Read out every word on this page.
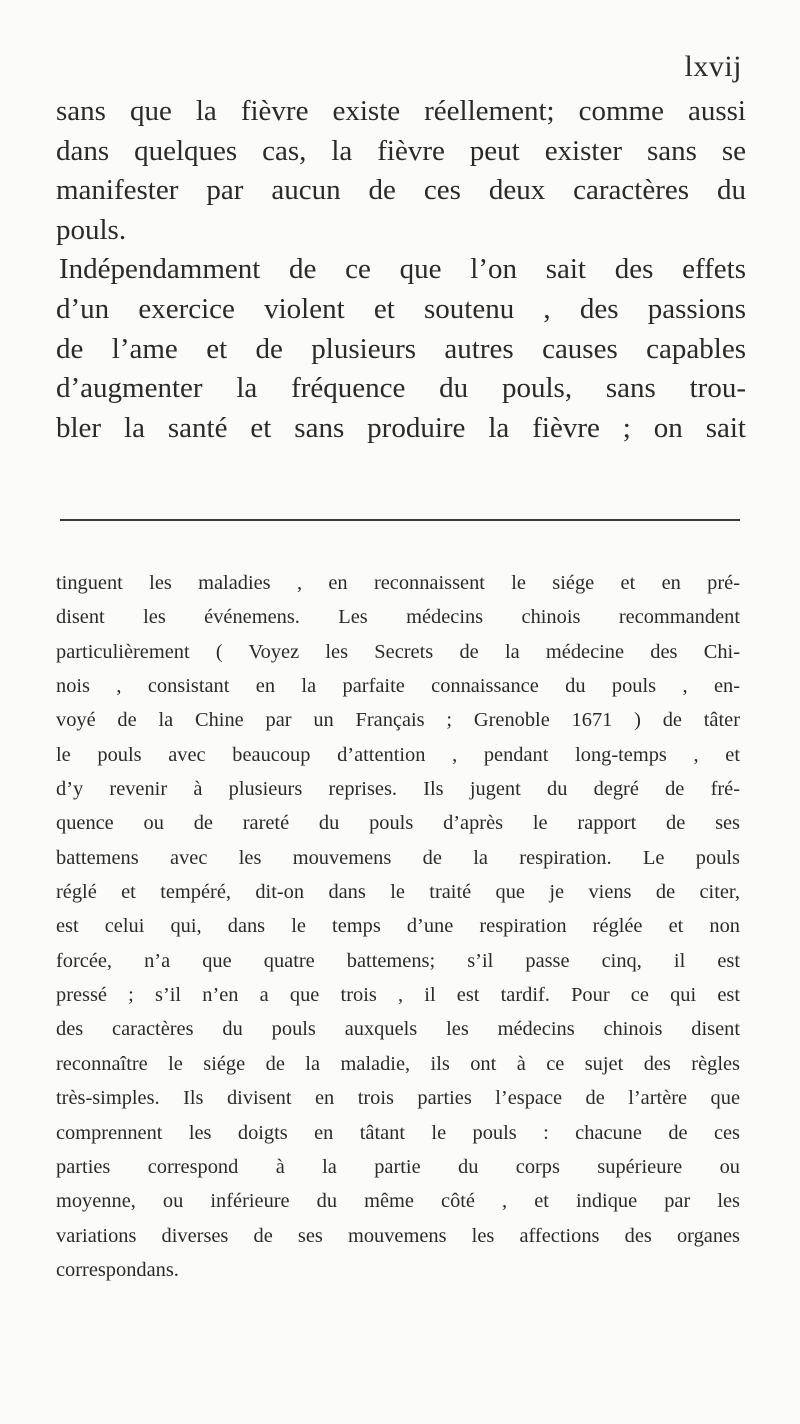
lxvij
sans que la fièvre existe réellement; comme aussi
dans quelques cas, la fièvre peut exister sans se
manifester par aucun de ces deux caractères du
pouls.
Indépendamment de ce que l’on sait des effets
d’un exercice violent et soutenu , des passions
de l’ame et de plusieurs autres causes capables
d’augmenter la fréquence du pouls, sans trou-
bler la santé et sans produire la fièvre ; on sait
tinguent les maladies , en reconnaissent le siége et en pré-
disent les événemens. Les médecins chinois recommandent
particulièrement ( Voyez les Secrets de la médecine des Chi-
nois , consistant en la parfaite connaissance du pouls , en-
voyé de la Chine par un Français ; Grenoble 1671 ) de tâter
le pouls avec beaucoup d’attention , pendant long-temps , et
d’y revenir à plusieurs reprises. Ils jugent du degré de fré-
quence ou de rareté du pouls d’après le rapport de ses
battemens avec les mouvemens de la respiration. Le pouls
réglé et tempéré, dit-on dans le traité que je viens de citer,
est celui qui, dans le temps d’une respiration réglée et non
forcée, n’a que quatre battemens; s’il passe cinq, il est
pressé ; s’il n’en a que trois , il est tardif. Pour ce qui est
des caractères du pouls auxquels les médecins chinois disent
reconnaître le siége de la maladie, ils ont à ce sujet des règles
très-simples. Ils divisent en trois parties l’espace de l’artère que
comprennent les doigts en tâtant le pouls : chacune de ces
parties correspond à la partie du corps supérieure ou
moyenne, ou inférieure du même côté , et indique par les
variations diverses de ses mouvemens les affections des organes
correspondans.
